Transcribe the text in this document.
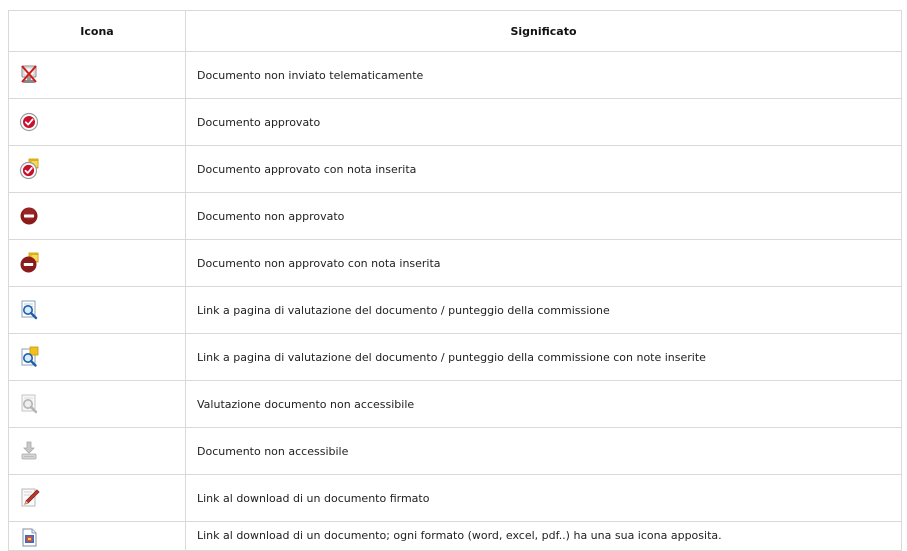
Icona	Significato

	Documento non inviato telematicamente

	Documento approvato

	Documento approvato con nota inserita

	Documento non approvato

	Documento non approvato con nota inserita

	Link a pagina di valutazione del documento / punteggio della commissione

	Link a pagina di valutazione del documento / punteggio della commissione con note inserite

	Valutazione documento non accessibile

	Documento non accessibile

	Link al download di un documento firmato

	Link al download di un documento; ogni formato (word, excel, pdf..) ha una sua icona apposita.
